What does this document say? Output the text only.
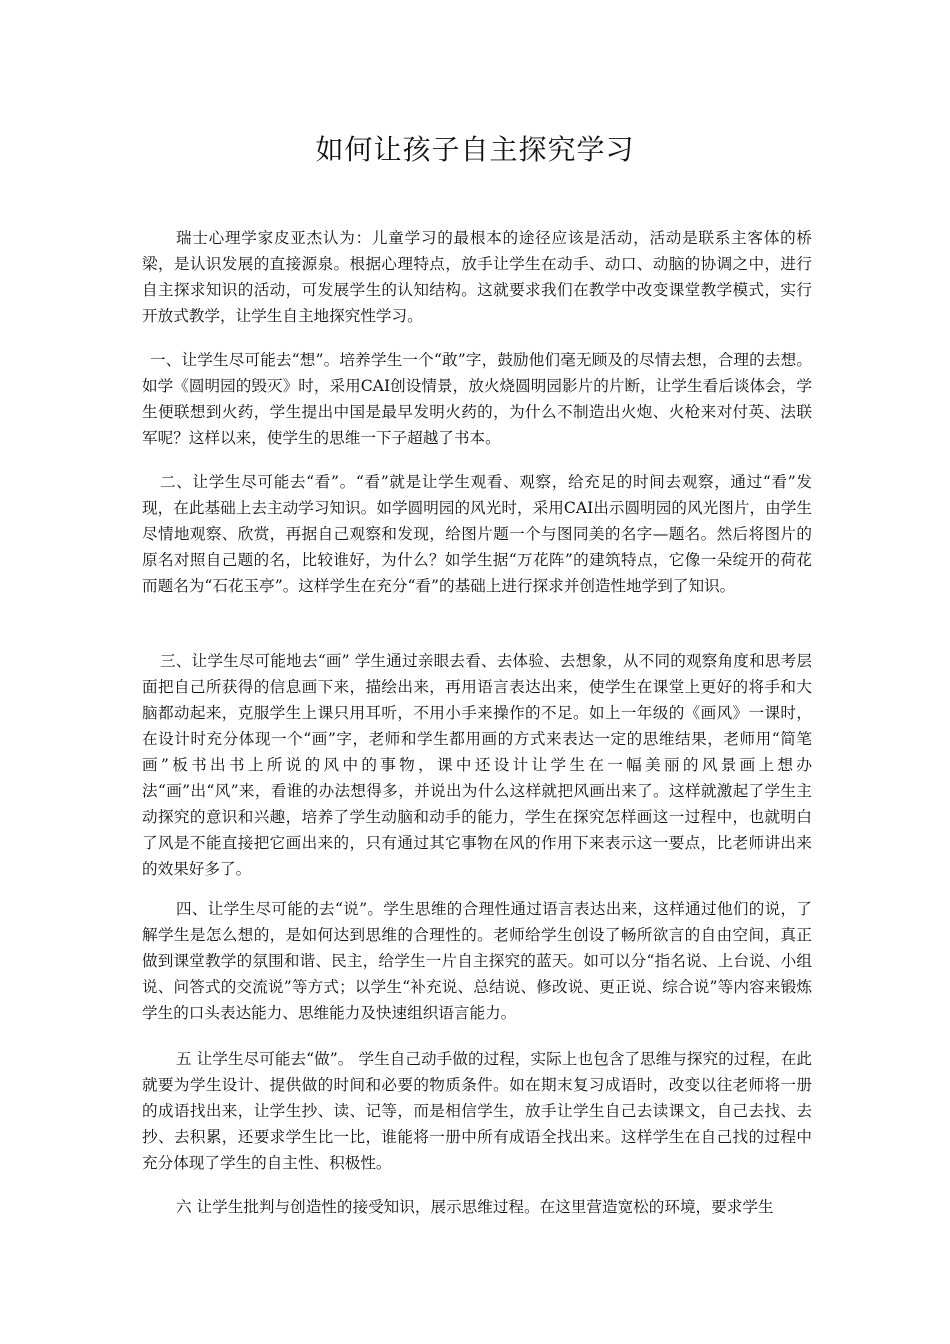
如何让孩子自主探究学习

瑞士心理学家皮亚杰认为：儿童学习的最根本的途径应该是活动，活动是联系主客体的桥梁，是认识发展的直接源泉。根据心理特点，放手让学生在动手、动口、动脑的协调之中，进行自主探求知识的活动，可发展学生的认知结构。这就要求我们在教学中改变课堂教学模式，实行开放式教学，让学生自主地探究性学习。

一、让学生尽可能去“想”。培养学生一个“敢”字，鼓励他们毫无顾及的尽情去想，合理的去想。如学《圆明园的毁灭》时，采用CAI创设情景，放火烧圆明园影片的片断，让学生看后谈体会，学生便联想到火药，学生提出中国是最早发明火药的，为什么不制造出火炮、火枪来对付英、法联军呢？这样以来，使学生的思维一下子超越了书本。

二、让学生尽可能去“看”。“看”就是让学生观看、观察，给充足的时间去观察，通过“看”发现，在此基础上去主动学习知识。如学圆明园的风光时，采用CAI出示圆明园的风光图片，由学生尽情地观察、欣赏，再据自己观察和发现，给图片题一个与图同美的名字—题名。然后将图片的原名对照自己题的名，比较谁好，为什么？如学生据“万花阵”的建筑特点，它像一朵绽开的荷花而题名为“石花玉亭”。这样学生在充分“看”的基础上进行探求并创造性地学到了知识。

三、让学生尽可能地去“画” 学生通过亲眼去看、去体验、去想象，从不同的观察角度和思考层面把自己所获得的信息画下来，描绘出来，再用语言表达出来，使学生在课堂上更好的将手和大脑都动起来，克服学生上课只用耳听，不用小手来操作的不足。如上一年级的《画风》一课时，在设计时充分体现一个“画”字，老师和学生都用画的方式来表达一定的思维结果，老师用“简笔画”板书出书上所说的风中的事物，课中还设计让学生在一幅美丽的风景画上想办法“画”出“风”来，看谁的办法想得多，并说出为什么这样就把风画出来了。这样就激起了学生主动探究的意识和兴趣，培养了学生动脑和动手的能力，学生在探究怎样画这一过程中，也就明白了风是不能直接把它画出来的，只有通过其它事物在风的作用下来表示这一要点，比老师讲出来的效果好多了。

四、让学生尽可能的去“说”。学生思维的合理性通过语言表达出来，这样通过他们的说，了解学生是怎么想的，是如何达到思维的合理性的。老师给学生创设了畅所欲言的自由空间，真正做到课堂教学的氛围和谐、民主，给学生一片自主探究的蓝天。如可以分“指名说、上台说、小组说、问答式的交流说”等方式；以学生“补充说、总结说、修改说、更正说、综合说”等内容来锻炼学生的口头表达能力、思维能力及快速组织语言能力。

五 让学生尽可能去“做”。 学生自己动手做的过程，实际上也包含了思维与探究的过程，在此就要为学生设计、提供做的时间和必要的物质条件。如在期末复习成语时，改变以往老师将一册的成语找出来，让学生抄、读、记等，而是相信学生，放手让学生自己去读课文，自己去找、去抄、去积累，还要求学生比一比，谁能将一册中所有成语全找出来。这样学生在自己找的过程中充分体现了学生的自主性、积极性。

六 让学生批判与创造性的接受知识，展示思维过程。在这里营造宽松的环境，要求学生
